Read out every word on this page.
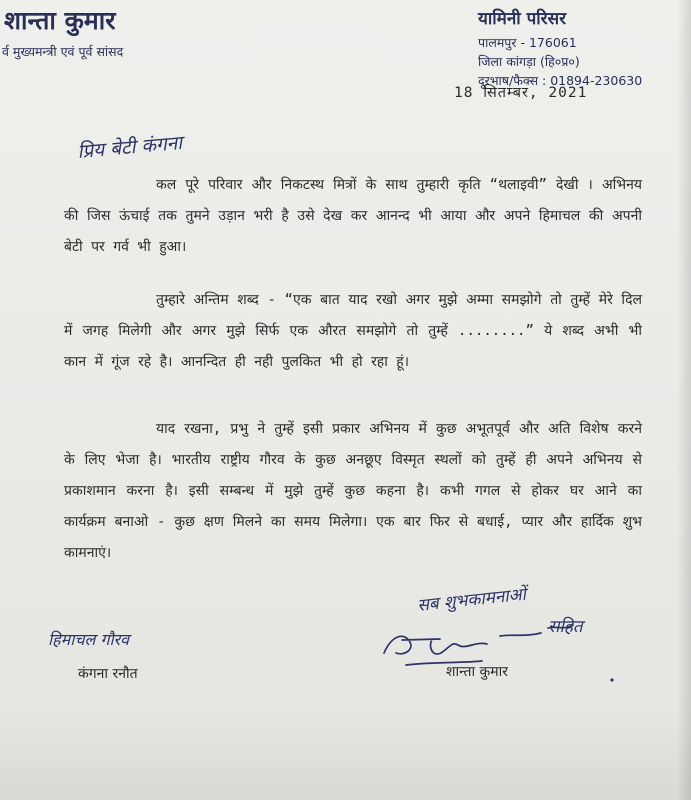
शान्ता कुमार
र्व मुख्यमन्त्री एवं पूर्व सांसद
यामिनी परिसर
पालमपुर - 176061
जिला कांगड़ा (हि०प्र०)
दूरभाष/फैक्स : 01894-230630
18 सितम्बर, 2021

कल पूरे परिवार और निकटस्थ मित्रों के साथ तुम्हारी कृति “थलाइवी” देखी । अभिनय की जिस ऊंचाई तक तुमने उड़ान भरी है उसे देख कर आनन्द भी आया और अपने हिमाचल की अपनी बेटी पर गर्व भी हुआ।

तुम्हारे अन्तिम शब्द - “एक बात याद रखो अगर मुझे अम्मा समझोगे तो तुम्हें मेरे दिल में जगह मिलेगी और अगर मुझे सिर्फ एक औरत समझोगे तो तुम्हें ........” ये शब्द अभी भी कान में गूंज रहे है। आनन्दित ही नही पुलकित भी हो रहा हूं।

याद रखना, प्रभु ने तुम्हें इसी प्रकार अभिनय में कुछ अभूतपूर्व और अति विशेष करने के लिए भेजा है। भारतीय राष्ट्रीय गौरव के कुछ अनछूए विस्मृत स्थलों को तुम्हें ही अपने अभिनय से प्रकाशमान करना है। इसी सम्बन्ध में मुझे तुम्हें कुछ कहना है। कभी गगल से होकर घर आने का कार्यक्रम बनाओ - कुछ क्षण मिलने का समय मिलेगा। एक बार फिर से बधाई, प्यार और हार्दिक शुभ कामनाएं।

प्रिय बेटी कंगना
हिमाचल गौरव
सब शुभकामनाओं
सहित
कंगना रनौत	शान्ता कुमार
